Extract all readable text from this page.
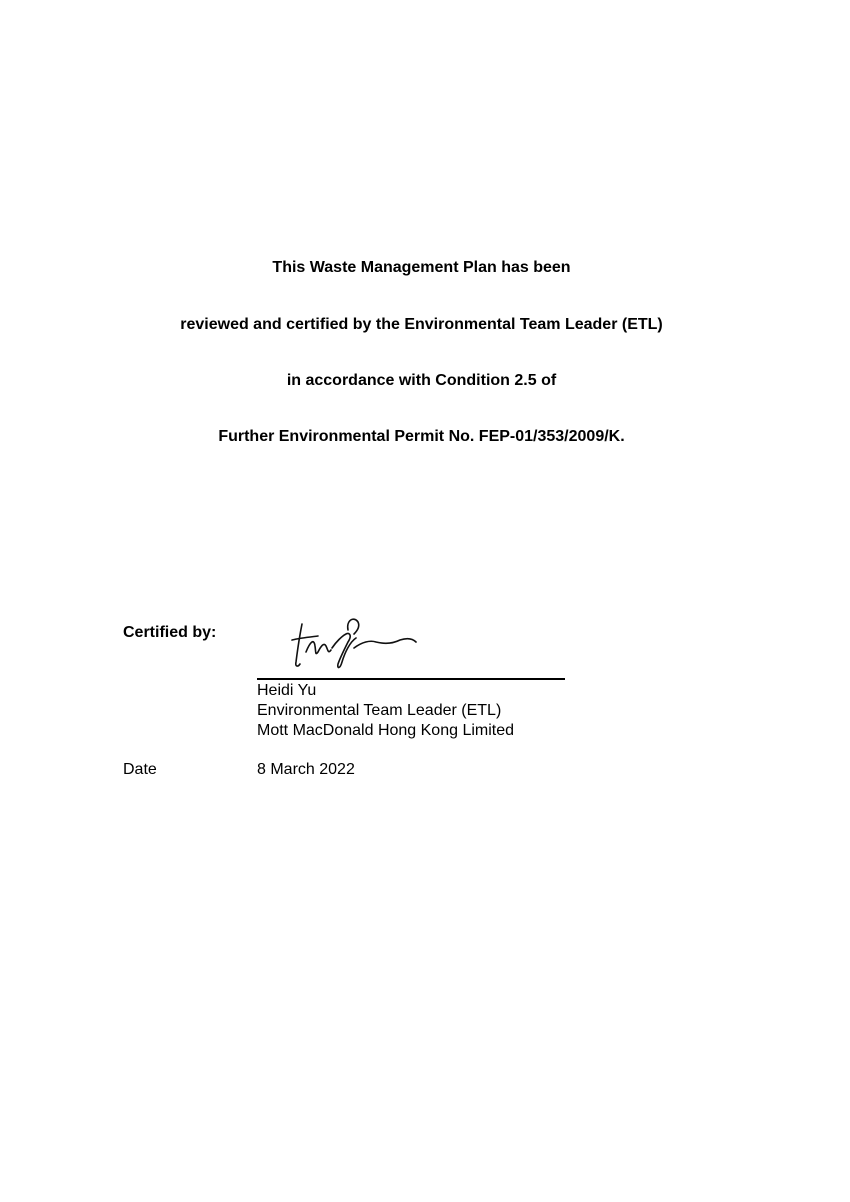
This Waste Management Plan has been
reviewed and certified by the Environmental Team Leader (ETL)
in accordance with Condition 2.5 of
Further Environmental Permit No. FEP-01/353/2009/K.
Certified by:
Heidi Yu
Environmental Team Leader (ETL)
Mott MacDonald Hong Kong Limited
Date	8 March 2022
